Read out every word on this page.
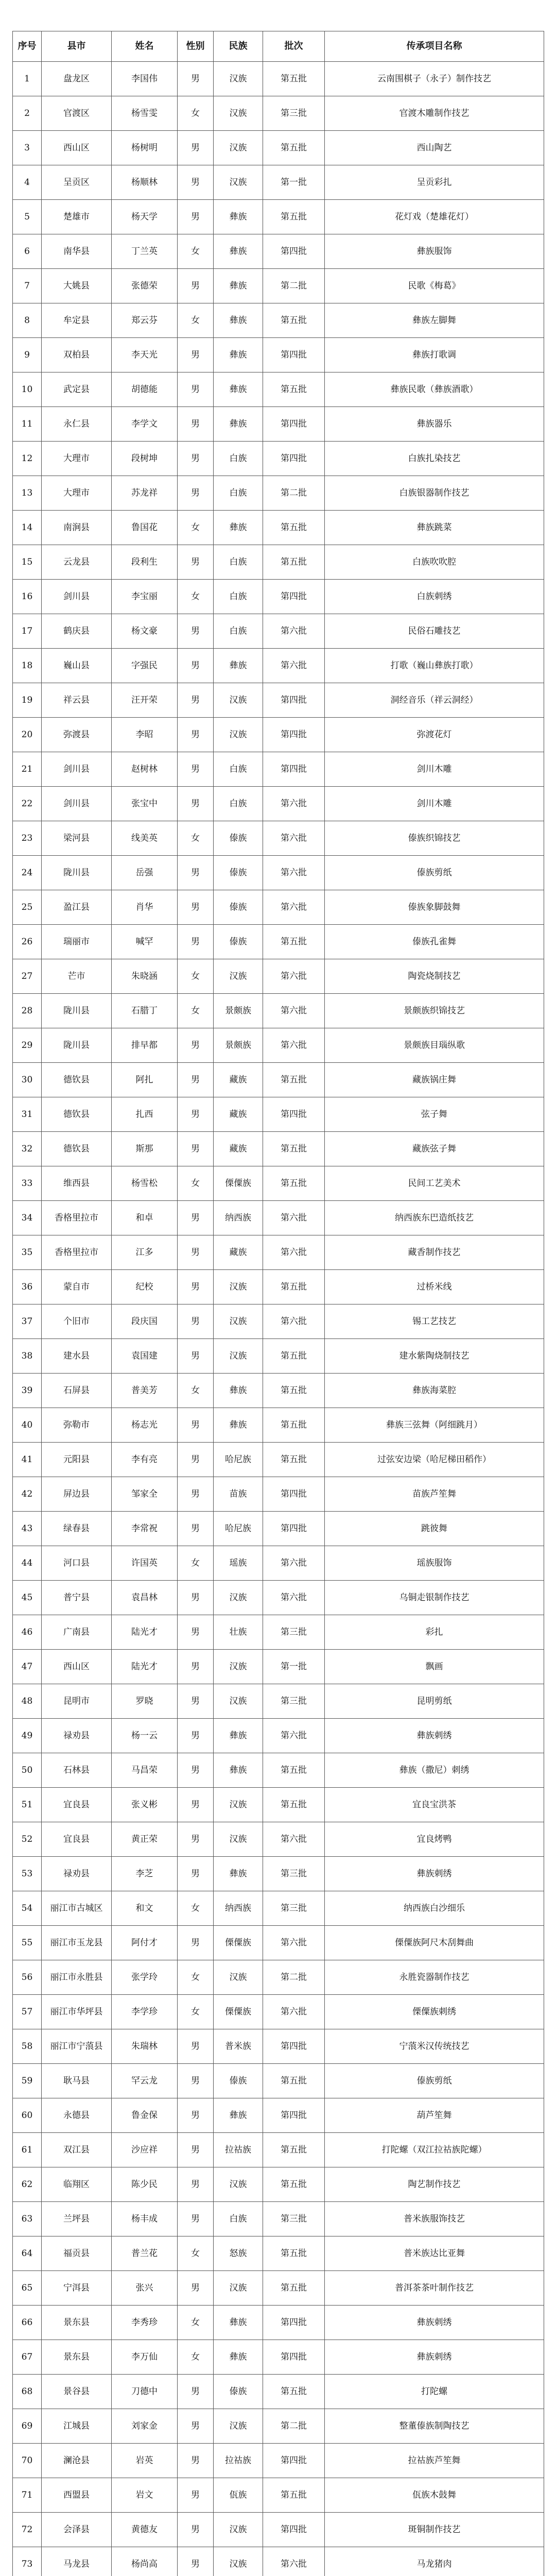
序号	县市	姓名	性别	民族	批次	传承项目名称
1	盘龙区	李国伟	男	汉族	第五批	云南围棋子（永子）制作技艺
2	官渡区	杨雪雯	女	汉族	第三批	官渡木雕制作技艺
3	西山区	杨树明	男	汉族	第五批	西山陶艺
4	呈贡区	杨顺林	男	汉族	第一批	呈贡彩扎
5	楚雄市	杨天学	男	彝族	第五批	花灯戏（楚雄花灯）
6	南华县	丁兰英	女	彝族	第四批	彝族服饰
7	大姚县	张德荣	男	彝族	第二批	民歌《梅葛》
8	牟定县	郑云芬	女	彝族	第五批	彝族左脚舞
9	双柏县	李天光	男	彝族	第四批	彝族打歌调
10	武定县	胡德能	男	彝族	第五批	彝族民歌（彝族酒歌）
11	永仁县	李学文	男	彝族	第四批	彝族器乐
12	大理市	段树坤	男	白族	第四批	白族扎染技艺
13	大理市	苏龙祥	男	白族	第二批	白族银器制作技艺
14	南涧县	鲁国花	女	彝族	第五批	彝族跳菜
15	云龙县	段利生	男	白族	第五批	白族吹吹腔
16	剑川县	李宝丽	女	白族	第四批	白族刺绣
17	鹤庆县	杨文豪	男	白族	第六批	民俗石雕技艺
18	巍山县	字强民	男	彝族	第六批	打歌（巍山彝族打歌）
19	祥云县	汪开荣	男	汉族	第四批	洞经音乐（祥云洞经）
20	弥渡县	李昭	男	汉族	第四批	弥渡花灯
21	剑川县	赵树林	男	白族	第四批	剑川木雕
22	剑川县	张宝中	男	白族	第六批	剑川木雕
23	梁河县	线美英	女	傣族	第六批	傣族织锦技艺
24	陇川县	岳强	男	傣族	第六批	傣族剪纸
25	盈江县	肖华	男	傣族	第六批	傣族象脚鼓舞
26	瑞丽市	喊罕	男	傣族	第五批	傣族孔雀舞
27	芒市	朱晓涵	女	汉族	第六批	陶瓷烧制技艺
28	陇川县	石腊丁	女	景颇族	第六批	景颇族织锦技艺
29	陇川县	排早都	男	景颇族	第六批	景颇族目瑙纵歌
30	德钦县	阿扎	男	藏族	第五批	藏族锅庄舞
31	德钦县	扎西	男	藏族	第四批	弦子舞
32	德钦县	斯那	男	藏族	第五批	藏族弦子舞
33	维西县	杨雪松	女	傈僳族	第五批	民间工艺美术
34	香格里拉市	和卓	男	纳西族	第六批	纳西族东巴造纸技艺
35	香格里拉市	江多	男	藏族	第六批	藏香制作技艺
36	蒙自市	纪校	男	汉族	第五批	过桥米线
37	个旧市	段庆国	男	汉族	第六批	锡工艺技艺
38	建水县	袁国建	男	汉族	第五批	建水紫陶烧制技艺
39	石屏县	普美芳	女	彝族	第五批	彝族海菜腔
40	弥勒市	杨志光	男	彝族	第五批	彝族三弦舞（阿细跳月）
41	元阳县	李有亮	男	哈尼族	第五批	过弦安边梁（哈尼梯田稻作）
42	屏边县	邹家全	男	苗族	第四批	苗族芦笙舞
43	绿春县	李常祝	男	哈尼族	第四批	跳彼舞
44	河口县	许国英	女	瑶族	第六批	瑶族服饰
45	普宁县	袁昌林	男	汉族	第六批	乌铜走银制作技艺
46	广南县	陆光才	男	壮族	第三批	彩扎
47	西山区	陆光才	男	汉族	第一批	飘画
48	昆明市	罗晓	男	汉族	第三批	昆明剪纸
49	禄劝县	杨一云	男	彝族	第六批	彝族刺绣
50	石林县	马昌荣	男	彝族	第五批	彝族（撒尼）刺绣
51	宜良县	张义彬	男	汉族	第五批	宜良宝洪茶
52	宜良县	黄正荣	男	汉族	第六批	宜良烤鸭
53	禄劝县	李芝	男	彝族	第三批	彝族刺绣
54	丽江市古城区	和文	女	纳西族	第三批	纳西族白沙细乐
55	丽江市玉龙县	阿付才	男	傈僳族	第六批	傈僳族阿尺木刮舞曲
56	丽江市永胜县	张学玲	女	汉族	第二批	永胜瓷器制作技艺
57	丽江市华坪县	李学珍	女	傈僳族	第六批	傈僳族刺绣
58	丽江市宁蒗县	朱瑞林	男	普米族	第四批	宁蒗米汉传统技艺
59	耿马县	罕云龙	男	傣族	第五批	傣族剪纸
60	永德县	鲁金保	男	彝族	第四批	葫芦笙舞
61	双江县	沙应祥	男	拉祜族	第五批	打陀螺（双江拉祜族陀螺）
62	临翔区	陈少民	男	汉族	第五批	陶艺制作技艺
63	兰坪县	杨丰成	男	白族	第三批	普米族服饰技艺
64	福贡县	普兰花	女	怒族	第五批	普米族达比亚舞
65	宁洱县	张兴	男	汉族	第五批	普洱茶茶叶制作技艺
66	景东县	李秀珍	女	彝族	第四批	彝族刺绣
67	景东县	李万仙	女	彝族	第四批	彝族刺绣
68	景谷县	刀德中	男	傣族	第五批	打陀螺
69	江城县	刘家金	男	汉族	第二批	整董傣族制陶技艺
70	澜沧县	岩英	男	拉祜族	第四批	拉祜族芦笙舞
71	西盟县	岩文	男	佤族	第五批	佤族木鼓舞
72	会泽县	黄德友	男	汉族	第四批	斑铜制作技艺
73	马龙县	杨尚高	男	汉族	第六批	马龙猪肉
